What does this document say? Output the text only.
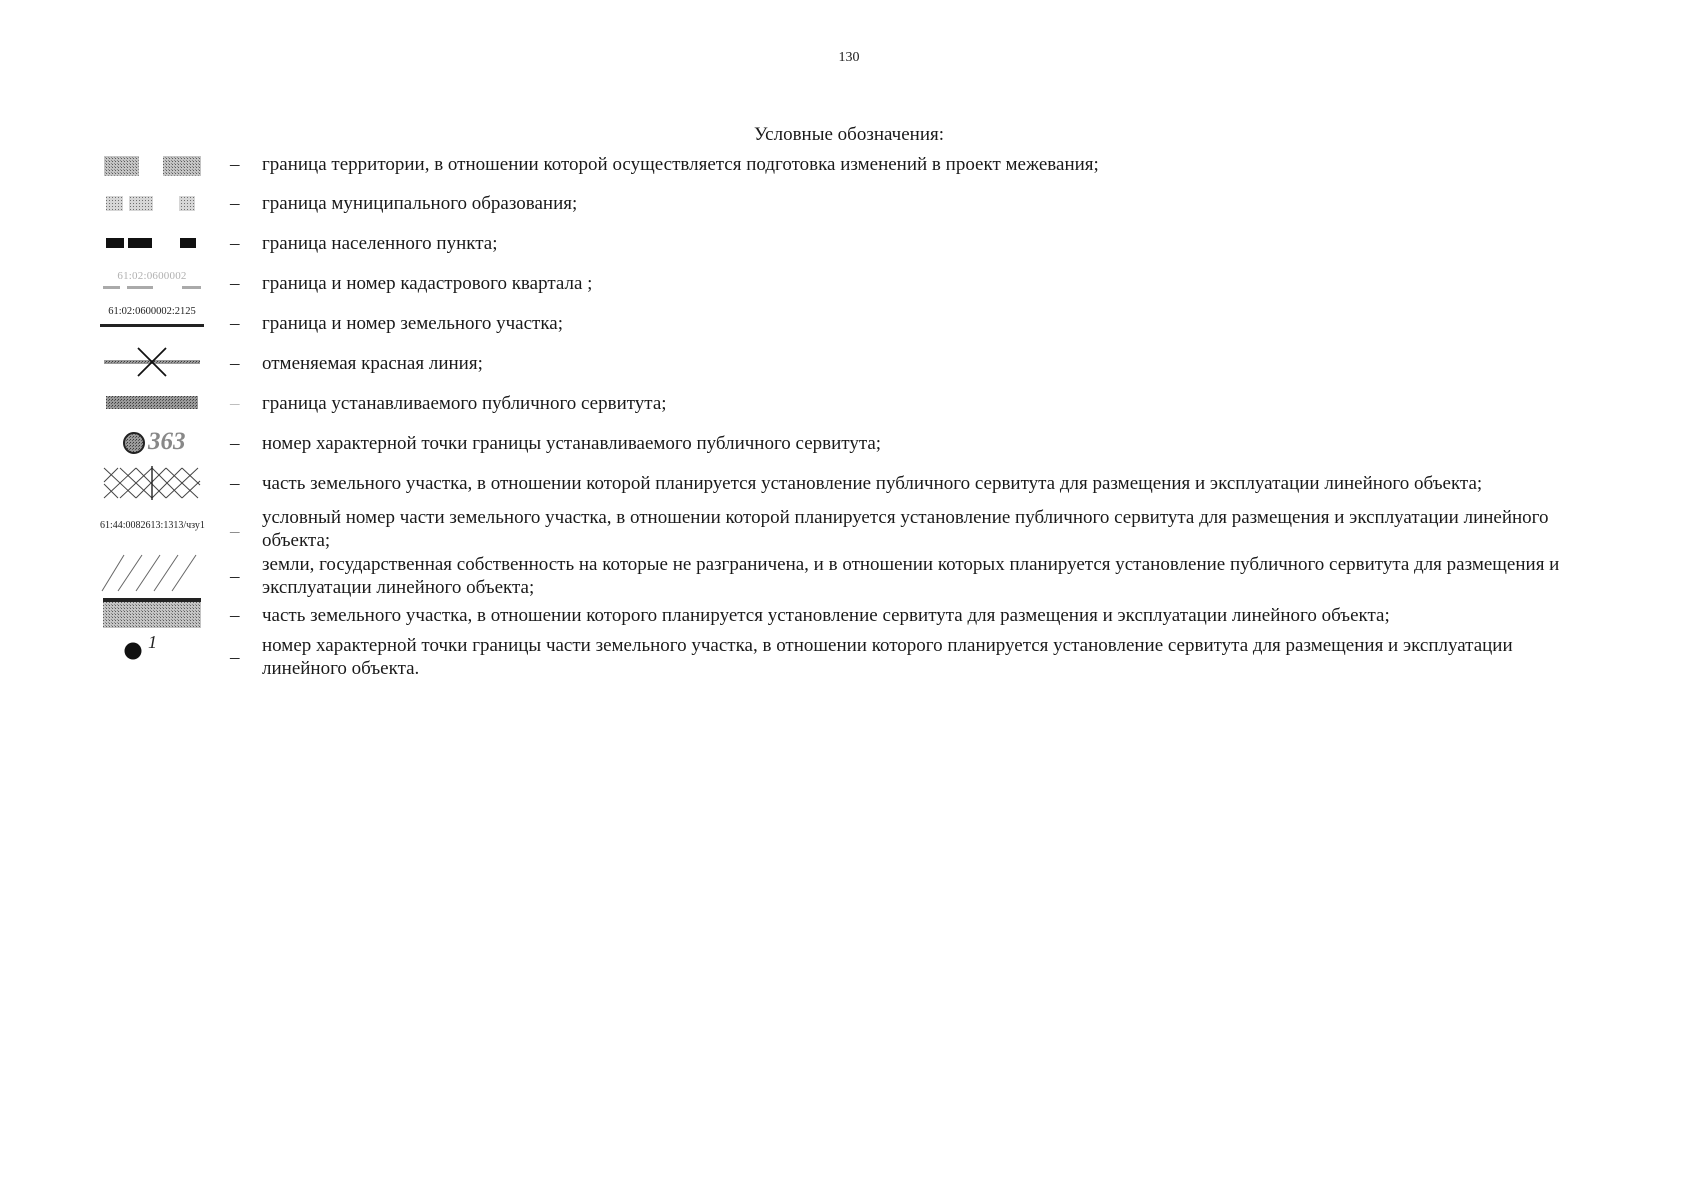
130
Условные обозначения:
– граница территории, в отношении которой осуществляется подготовка изменений в проект межевания;
– граница муниципального образования;
– граница населенного пункта;
61:02:0600002	– граница и номер кадастрового квартала ;
61:02:0600002:2125
– граница и номер земельного участка;
– отменяемая красная линия;
– граница устанавливаемого публичного сервитута;
363 – номер характерной точки границы устанавливаемого публичного сервитута;
– часть земельного участка, в отношении которой планируется установление публичного сервитута для размещения и эксплуатации линейного объекта;
61:44:0082613:1313/чзу1 –
условный номер части земельного участка, в отношении которой планируется установление публичного сервитута для размещения и эксплуатации линейного объекта;
–
земли, государственная собственность на которые не разграничена, и в отношении которых планируется установление публичного сервитута для размещения и эксплуатации линейного объекта;
– часть земельного участка, в отношении которого планируется установление сервитута для размещения и эксплуатации линейного объекта;
1
–
номер характерной точки границы части земельного участка, в отношении которого планируется установление сервитута для размещения и эксплуатации линейного объекта.
